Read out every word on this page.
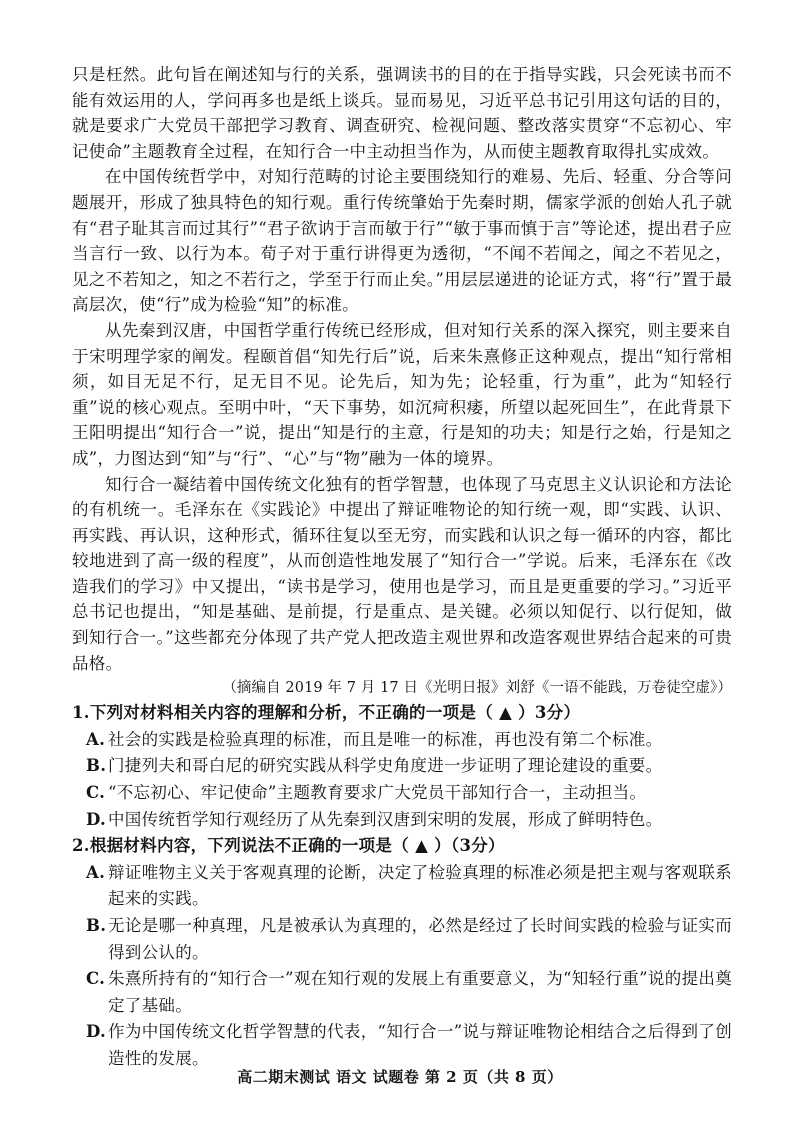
只是枉然。此句旨在阐述知与行的关系，强调读书的目的在于指导实践，只会死读书而不能有效运用的人，学问再多也是纸上谈兵。显而易见，习近平总书记引用这句话的目的，就是要求广大党员干部把学习教育、调查研究、检视问题、整改落实贯穿“不忘初心、牢记使命”主题教育全过程，在知行合一中主动担当作为，从而使主题教育取得扎实成效。

在中国传统哲学中，对知行范畴的讨论主要围绕知行的难易、先后、轻重、分合等问题展开，形成了独具特色的知行观。重行传统肇始于先秦时期，儒家学派的创始人孔子就有“君子耻其言而过其行”“君子欲讷于言而敏于行”“敏于事而慎于言”等论述，提出君子应当言行一致、以行为本。荀子对于重行讲得更为透彻，“不闻不若闻之，闻之不若见之，见之不若知之，知之不若行之，学至于行而止矣。”用层层递进的论证方式，将“行”置于最高层次，使“行”成为检验“知”的标准。

从先秦到汉唐，中国哲学重行传统已经形成，但对知行关系的深入探究，则主要来自于宋明理学家的阐发。程颐首倡“知先行后”说，后来朱熹修正这种观点，提出“知行常相须，如目无足不行，足无目不见。论先后，知为先；论轻重，行为重”，此为“知轻行重”说的核心观点。至明中叶，“天下事势，如沉疴积痿，所望以起死回生”，在此背景下王阳明提出“知行合一”说，提出“知是行的主意，行是知的功夫；知是行之始，行是知之成”，力图达到“知”与“行”、“心”与“物”融为一体的境界。

知行合一凝结着中国传统文化独有的哲学智慧，也体现了马克思主义认识论和方法论的有机统一。毛泽东在《实践论》中提出了辩证唯物论的知行统一观，即“实践、认识、再实践、再认识，这种形式，循环往复以至无穷，而实践和认识之每一循环的内容，都比较地进到了高一级的程度”，从而创造性地发展了“知行合一”学说。后来，毛泽东在《改造我们的学习》中又提出，“读书是学习，使用也是学习，而且是更重要的学习。”习近平总书记也提出，“知是基础、是前提，行是重点、是关键。必须以知促行、以行促知，做到知行合一。”这些都充分体现了共产党人把改造主观世界和改造客观世界结合起来的可贵品格。

（摘编自 2019 年 7 月 17 日《光明日报》刘舒《一语不能践，万卷徒空虚》）

1.下列对材料相关内容的理解和分析，不正确的一项是（ ▲ ）3分）

A. 社会的实践是检验真理的标准，而且是唯一的标准，再也没有第二个标准。

B. 门捷列夫和哥白尼的研究实践从科学史角度进一步证明了理论建设的重要。

C. “不忘初心、牢记使命”主题教育要求广大党员干部知行合一，主动担当。

D. 中国传统哲学知行观经历了从先秦到汉唐到宋明的发展，形成了鲜明特色。

2.根据材料内容，下列说法不正确的一项是（ ▲ ）（3分）

A. 辩证唯物主义关于客观真理的论断，决定了检验真理的标准必须是把主观与客观联系起来的实践。

B. 无论是哪一种真理，凡是被承认为真理的，必然是经过了长时间实践的检验与证实而得到公认的。

C. 朱熹所持有的“知行合一”观在知行观的发展上有重要意义，为“知轻行重”说的提出奠定了基础。

D. 作为中国传统文化哲学智慧的代表，“知行合一”说与辩证唯物论相结合之后得到了创造性的发展。

高二期末测试 语文 试题卷 第 2 页（共 8 页）
